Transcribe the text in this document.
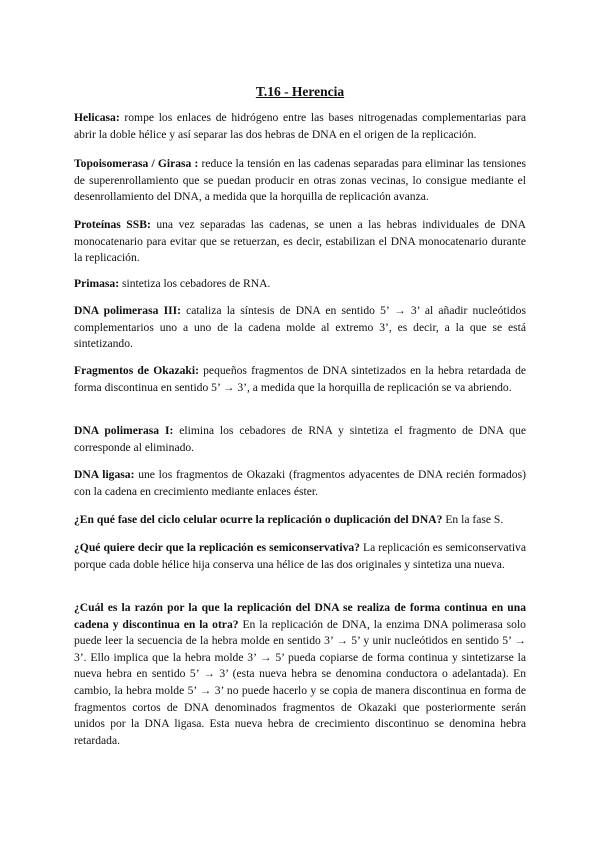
T.16 - Herencia

Helicasa: rompe los enlaces de hidrógeno entre las bases nitrogenadas complementarias para abrir la doble hélice y así separar las dos hebras de DNA en el origen de la replicación.

Topoisomerasa / Girasa : reduce la tensión en las cadenas separadas para eliminar las tensiones de superenrollamiento que se puedan producir en otras zonas vecinas, lo consigue mediante el desenrollamiento del DNA, a medida que la horquilla de replicación avanza.

Proteínas SSB: una vez separadas las cadenas, se unen a las hebras individuales de DNA monocatenario para evitar que se retuerzan, es decir, estabilizan el DNA monocatenario durante la replicación.

Primasa: sintetiza los cebadores de RNA.

DNA polimerasa III: cataliza la síntesis de DNA en sentido 5’ → 3’ al añadir nucleótidos complementarios uno a uno de la cadena molde al extremo 3’, es decir, a la que se está sintetizando.

Fragmentos de Okazaki: pequeños fragmentos de DNA sintetizados en la hebra retardada de forma discontinua en sentido 5’ → 3’, a medida que la horquilla de replicación se va abriendo.

DNA polimerasa I: elimina los cebadores de RNA y sintetiza el fragmento de DNA que corresponde al eliminado.

DNA ligasa: une los fragmentos de Okazaki (fragmentos adyacentes de DNA recién formados) con la cadena en crecimiento mediante enlaces éster.

¿En qué fase del ciclo celular ocurre la replicación o duplicación del DNA? En la fase S.

¿Qué quiere decir que la replicación es semiconservativa? La replicación es semiconservativa porque cada doble hélice hija conserva una hélice de las dos originales y sintetiza una nueva.

¿Cuál es la razón por la que la replicación del DNA se realiza de forma continua en una cadena y discontinua en la otra? En la replicación de DNA, la enzima DNA polimerasa solo puede leer la secuencia de la hebra molde en sentido 3’ → 5’ y unir nucleótidos en sentido 5’ → 3’. Ello implica que la hebra molde 3’ → 5’ pueda copiarse de forma continua y sintetizarse la nueva hebra en sentido 5’ → 3’ (esta nueva hebra se denomina conductora o adelantada). En cambio, la hebra molde 5’ → 3’ no puede hacerlo y se copia de manera discontinua en forma de fragmentos cortos de DNA denominados fragmentos de Okazaki que posteriormente serán unidos por la DNA ligasa. Esta nueva hebra de crecimiento discontinuo se denomina hebra retardada.
